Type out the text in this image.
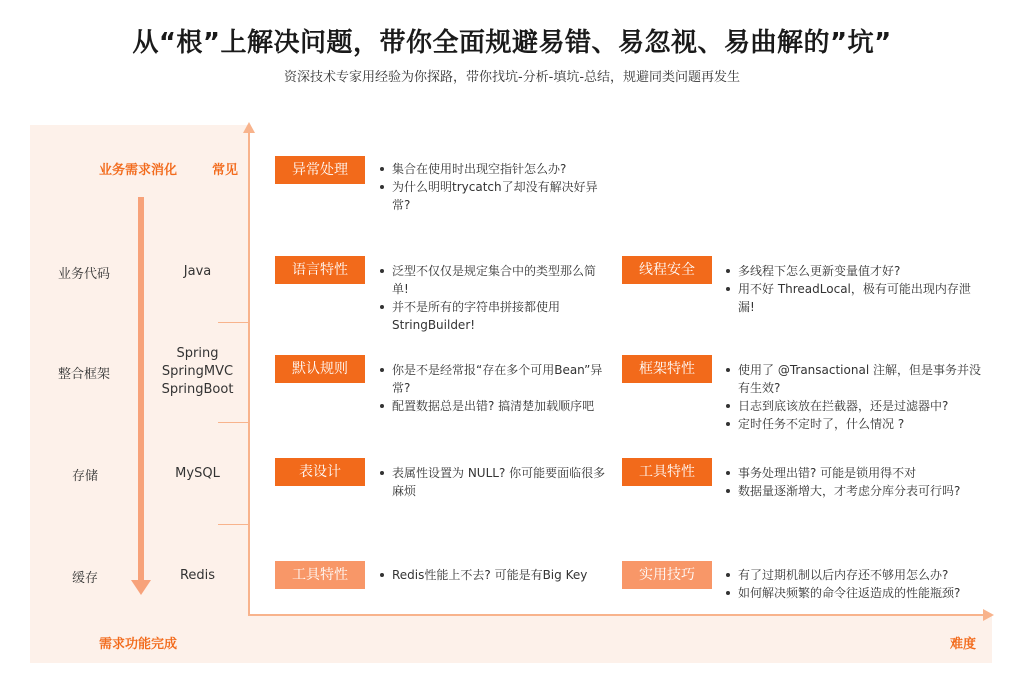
从“根”上解决问题，带你全面规避易错、易忽视、易曲解的”坑”
资深技术专家用经验为你探路，带你找坑-分析-填坑-总结，规避同类问题再发生
业务需求消化	常见
需求功能完成	难度
业务代码
整合框架
存储
缓存
Java
Spring
SpringMVC
SpringBoot
MySQL
Redis
异常处理	集合在使用时出现空指针怎么办?
为什么明明trycatch了却没有解决好异常?
语言特性	泛型不仅仅是规定集合中的类型那么简单!
并不是所有的字符串拼接都使用StringBuilder!
线程安全	多线程下怎么更新变量值才好?
用不好 ThreadLocal，极有可能出现内存泄漏!
默认规则	你是不是经常报“存在多个可用Bean”异常?
配置数据总是出错? 搞清楚加载顺序吧
框架特性	使用了 @Transactional 注解，但是事务并没有生效?
日志到底该放在拦截器，还是过滤器中?
定时任务不定时了，什么情况 ?
表设计	表属性设置为 NULL? 你可能要面临很多麻烦
工具特性	事务处理出错? 可能是锁用得不对
数据量逐渐增大，才考虑分库分表可行吗?
工具特性	Redis性能上不去? 可能是有Big Key	实用技巧	有了过期机制以后内存还不够用怎么办?
如何解决频繁的命令往返造成的性能瓶颈?
